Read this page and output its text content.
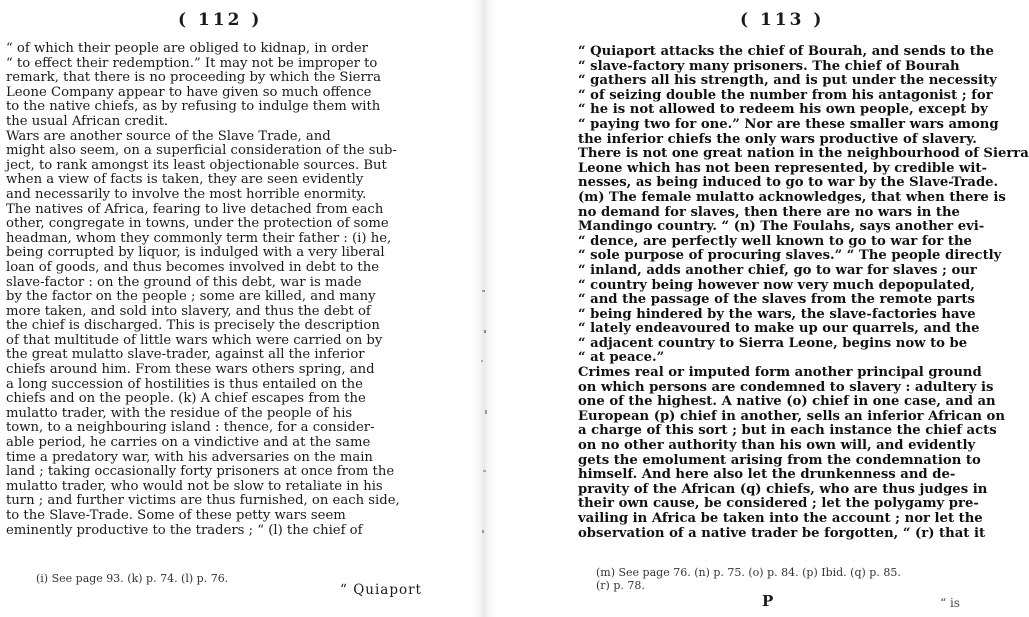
( 112 )
“ of which their people are obliged to kidnap, in order
“ to effect their redemption.” It may not be improper to
remark, that there is no proceeding by which the Sierra
Leone Company appear to have given so much offence
to the native chiefs, as by refusing to indulge them with
the usual African credit.
Wars are another source of the Slave Trade, and
might also seem, on a superficial consideration of the sub-
ject, to rank amongst its least objectionable sources. But
when a view of facts is taken, they are seen evidently
and necessarily to involve the most horrible enormity.
The natives of Africa, fearing to live detached from each
other, congregate in towns, under the protection of some
headman, whom they commonly term their father : (i) he,
being corrupted by liquor, is indulged with a very liberal
loan of goods, and thus becomes involved in debt to the
slave-factor : on the ground of this debt, war is made
by the factor on the people ; some are killed, and many
more taken, and sold into slavery, and thus the debt of
the chief is discharged. This is precisely the description
of that multitude of little wars which were carried on by
the great mulatto slave-trader, against all the inferior
chiefs around him. From these wars others spring, and
a long succession of hostilities is thus entailed on the
chiefs and on the people. (k) A chief escapes from the
mulatto trader, with the residue of the people of his
town, to a neighbouring island : thence, for a consider-
able period, he carries on a vindictive and at the same
time a predatory war, with his adversaries on the main
land ; taking occasionally forty prisoners at once from the
mulatto trader, who would not be slow to retaliate in his
turn ; and further victims are thus furnished, on each side,
to the Slave-Trade. Some of these petty wars seem
eminently productive to the traders ; “ (l) the chief of
(i) See page 93. (k) p. 74. (l) p. 76.
“ Quiaport
( 113 )
“ Quiaport attacks the chief of Bourah, and sends to the
“ slave-factory many prisoners. The chief of Bourah
“ gathers all his strength, and is put under the necessity
“ of seizing double the number from his antagonist ; for
“ he is not allowed to redeem his own people, except by
“ paying two for one.” Nor are these smaller wars among
the inferior chiefs the only wars productive of slavery.
There is not one great nation in the neighbourhood of Sierra
Leone which has not been represented, by credible wit-
nesses, as being induced to go to war by the Slave-Trade.
(m) The female mulatto acknowledges, that when there is
no demand for slaves, then there are no wars in the
Mandingo country. “ (n) The Foulahs, says another evi-
“ dence, are perfectly well known to go to war for the
“ sole purpose of procuring slaves.” “ The people directly
“ inland, adds another chief, go to war for slaves ; our
“ country being however now very much depopulated,
“ and the passage of the slaves from the remote parts
“ being hindered by the wars, the slave-factories have
“ lately endeavoured to make up our quarrels, and the
“ adjacent country to Sierra Leone, begins now to be
“ at peace.”
Crimes real or imputed form another principal ground
on which persons are condemned to slavery : adultery is
one of the highest. A native (o) chief in one case, and an
European (p) chief in another, sells an inferior African on
a charge of this sort ; but in each instance the chief acts
on no other authority than his own will, and evidently
gets the emolument arising from the condemnation to
himself. And here also let the drunkenness and de-
pravity of the African (q) chiefs, who are thus judges in
their own cause, be considered ; let the polygamy pre-
vailing in Africa be taken into the account ; nor let the
observation of a native trader be forgotten, “ (r) that it
(m) See page 76. (n) p. 75. (o) p. 84. (p) Ibid. (q) p. 85.
(r) p. 78.
P	“ is
